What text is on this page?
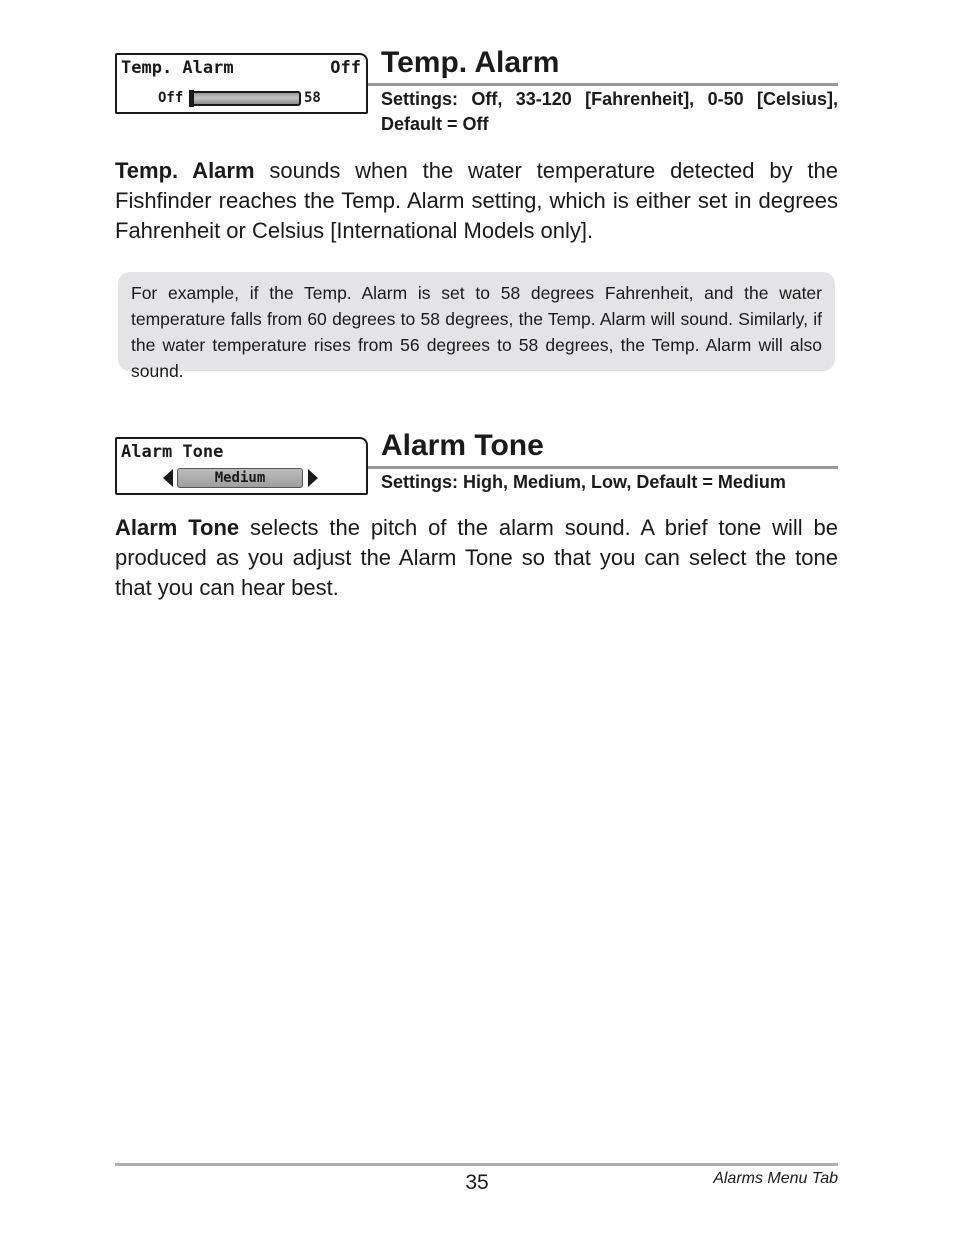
Temp. Alarm	Off
Off	58
Temp. Alarm

Settings: Off, 33-120 [Fahrenheit], 0-50 [Celsius], Default = Off

Temp. Alarm sounds when the water temperature detected by the Fishfinder reaches the Temp. Alarm setting, which is either set in degrees Fahrenheit or Celsius [International Models only].

For example, if the Temp. Alarm is set to 58 degrees Fahrenheit, and the water temperature falls from 60 degrees to 58 degrees, the Temp. Alarm will sound. Similarly, if the water temperature rises from 56 degrees to 58 degrees, the Temp. Alarm will also sound.

Alarm Tone
Medium
Alarm Tone

Settings: High, Medium, Low, Default = Medium

Alarm Tone selects the pitch of the alarm sound. A brief tone will be produced as you adjust the Alarm Tone so that you can select the tone that you can hear best.

35	Alarms Menu Tab
